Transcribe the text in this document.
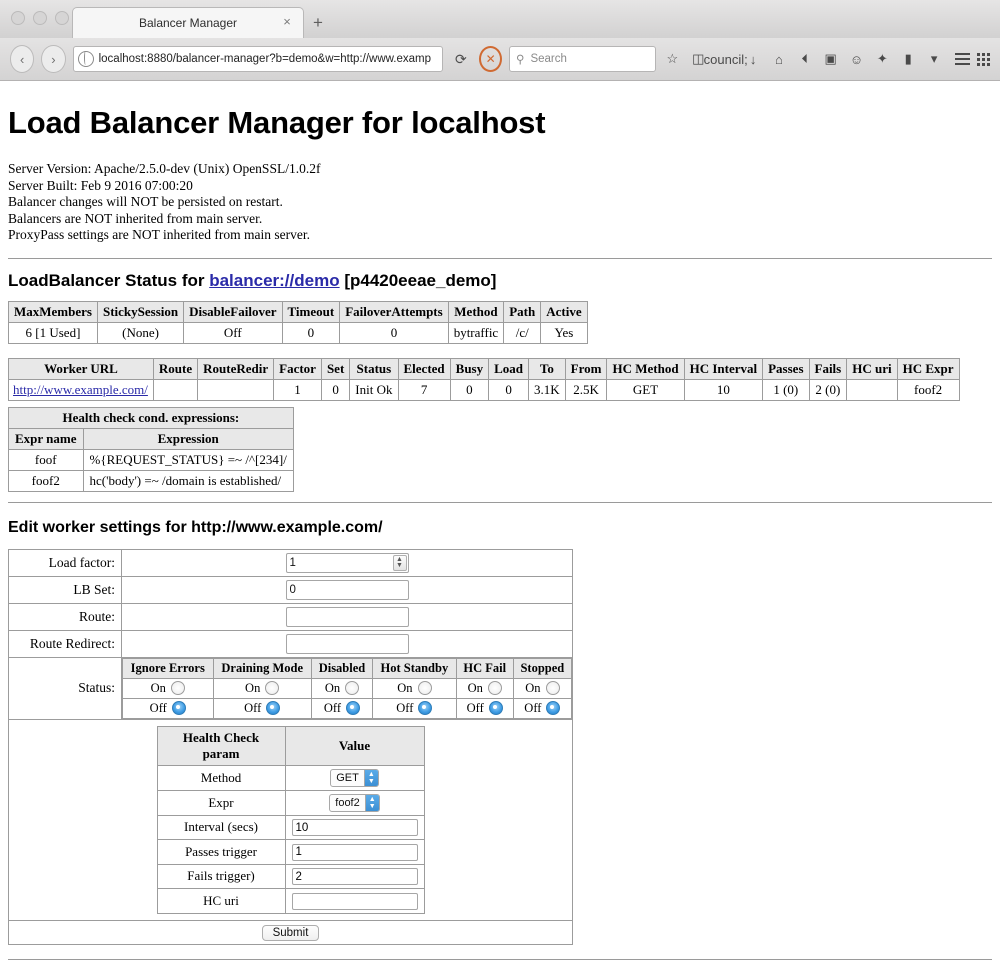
Balancer Manager	×	+
‹	›	localhost:8880/balancer-manager?b=demo&w=http://www.examp	⟳	✕	⚲ Search	☆ ◫ council; ↓	⌂	⏴	▣ ☺	✦	▮	▾
Load Balancer Manager for localhost
Server Version: Apache/2.5.0-dev (Unix) OpenSSL/1.0.2f
Server Built: Feb 9 2016 07:00:20
Balancer changes will NOT be persisted on restart.
Balancers are NOT inherited from main server.
ProxyPass settings are NOT inherited from main server.
LoadBalancer Status for balancer://demo [p4420eeae_demo]
MaxMembers	StickySession	DisableFailover	Timeout	FailoverAttempts	Method	Path	Active
6 [1 Used]	(None)	Off	0	0	bytraffic	/c/	Yes
Worker URL	Route	RouteRedir	Factor	Set	Status	Elected	Busy	Load	To	From	HC Method	HC Interval	Passes	Fails	HC uri	HC Expr
http://www.example.com/			1	0	Init Ok	7	0	0	3.1K	2.5K	GET	10	1 (0)	2 (0)		foof2
Health check cond. expressions:	
Expr name	Expression
foof	%{REQUEST_STATUS} =~ /^[234]/
foof2	hc('body') =~ /domain is established/
Edit worker settings for http://www.example.com/
Load factor:	1▲
▼

LB Set:	0
Route:	
Route Redirect:	
Status:	
Ignore Errors	Draining Mode	Disabled	Hot Standby	HC Fail	Stopped

On	On	On	On	On	On

Off	Off	Off	Off	Off	Off

Health Check param	Value
Method	GET	▲
▼

Expr	foof2	▲
▼

Interval (secs)	10
Passes trigger	1
Fails trigger)	2
HC uri	

Submit
